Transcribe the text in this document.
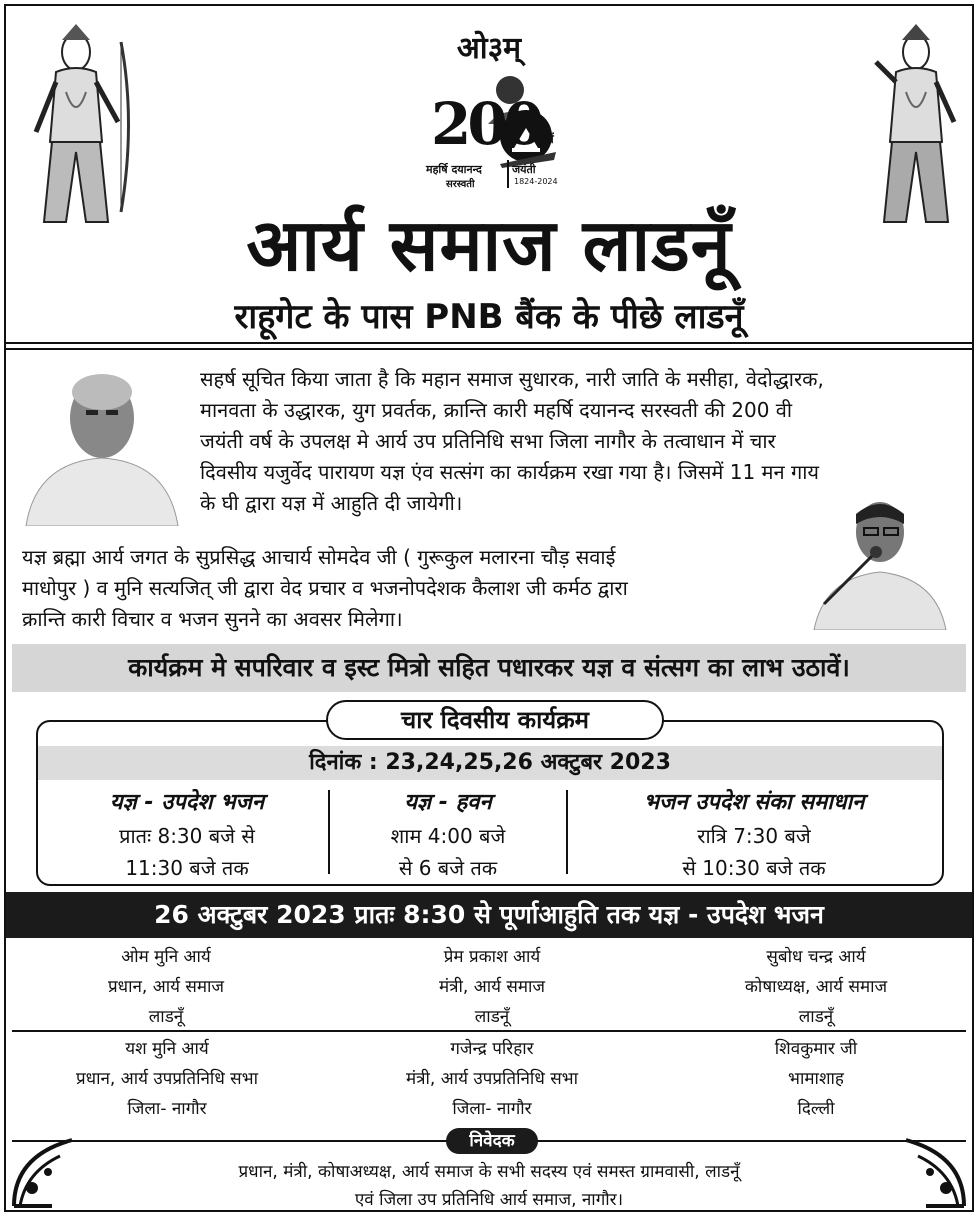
ओ३म्
200 वीं
महर्षि दयानन्द	जयंती
सरस्वती	1824-2024
आर्य समाज लाडनूँ
राहूगेट के पास PNB बैंक के पीछे लाडनूँ
सहर्ष सूचित किया जाता है कि महान समाज सुधारक, नारी जाति के मसीहा, वेदोद्धारक,
मानवता के उद्धारक, युग प्रवर्तक, क्रान्ति कारी महर्षि दयानन्द सरस्वती की 200 वी
जयंती वर्ष के उपलक्ष मे आर्य उप प्रतिनिधि सभा जिला नागौर के तत्वाधान में चार
दिवसीय यजुर्वेद पारायण यज्ञ एंव सत्संग का कार्यक्रम रखा गया है। जिसमें 11 मन गाय
के घी द्वारा यज्ञ में आहुति दी जायेगी।
यज्ञ ब्रह्मा आर्य जगत के सुप्रसिद्ध आचार्य सोमदेव जी ( गुरूकुल मलारना चौड़ सवाई
माधोपुर ) व मुनि सत्यजित् जी द्वारा वेद प्रचार व भजनोपदेशक कैलाश जी कर्मठ द्वारा
क्रान्ति कारी विचार व भजन सुनने का अवसर मिलेगा।
कार्यक्रम मे सपरिवार व इस्ट मित्रो सहित पधारकर यज्ञ व संत्सग का लाभ उठावें।
चार दिवसीय कार्यक्रम
दिनांक : 23,24,25,26 अक्टुबर 2023
यज्ञ - उपदेश भजन
प्रातः 8:30 बजे से
11:30 बजे तक
यज्ञ - हवन
शाम 4:00 बजे
से 6 बजे तक
भजन उपदेश संका समाधान
रात्रि 7:30 बजे
से 10:30 बजे तक
26 अक्टुबर 2023 प्रातः 8:30 से पूर्णाआहुति तक यज्ञ - उपदेश भजन
ओम मुनि आर्य
प्रधान, आर्य समाज
लाडनूँ
प्रेम प्रकाश आर्य
मंत्री, आर्य समाज
लाडनूँ
सुबोध चन्द्र आर्य
कोषाध्यक्ष, आर्य समाज
लाडनूँ
यश मुनि आर्य
प्रधान, आर्य उपप्रतिनिधि सभा
जिला- नागौर
गजेन्द्र परिहार
मंत्री, आर्य उपप्रतिनिधि सभा
जिला- नागौर
शिवकुमार जी
भामाशाह
दिल्ली
निवेदक
प्रधान, मंत्री, कोषाअध्यक्ष, आर्य समाज के सभी सदस्य एवं समस्त ग्रामवासी, लाडनूँ
एवं जिला उप प्रतिनिधि आर्य समाज, नागौर।
